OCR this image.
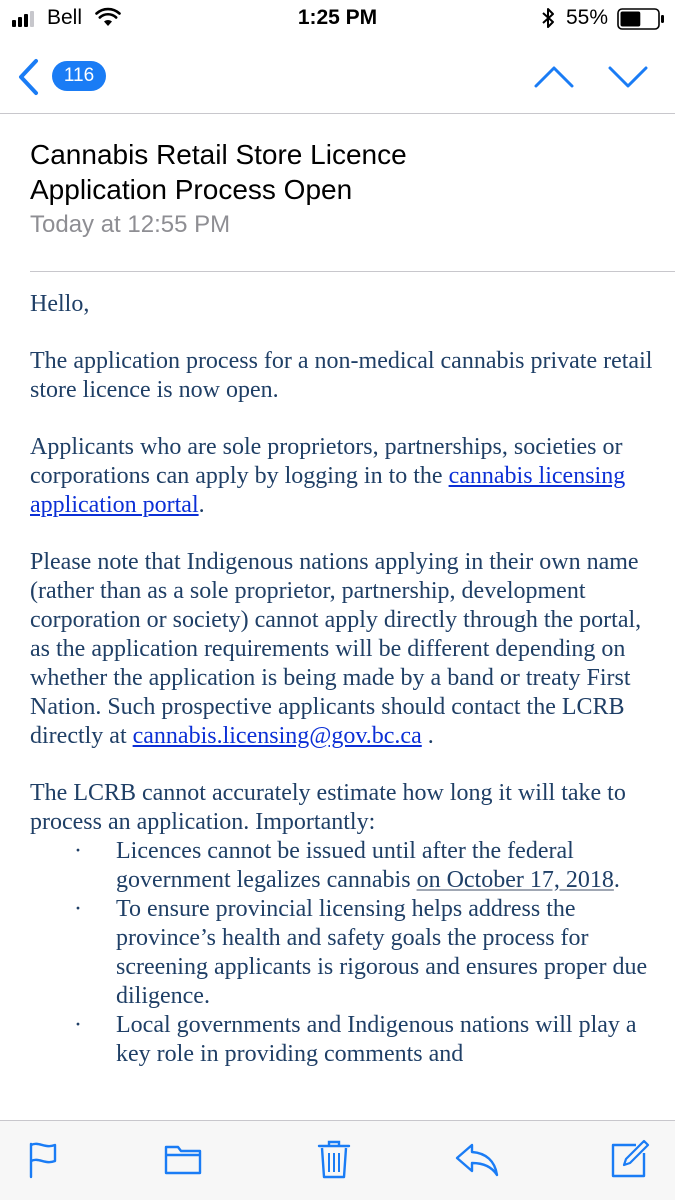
Bell	1:25 PM	55%
116
Cannabis Retail Store Licence
Application Process Open
Today at 12:55 PM

Hello,

The application process for a non-medical cannabis private retail store licence is now open.

Applicants who are sole proprietors, partnerships, societies or corporations can apply by logging in to the cannabis licensing application portal.

Please note that Indigenous nations applying in their own name (rather than as a sole proprietor, partnership, development corporation or society) cannot apply directly through the portal, as the application requirements will be different depending on whether the application is being made by a band or treaty First Nation. Such prospective applicants should contact the LCRB directly at cannabis.licensing@gov.bc.ca .

The LCRB cannot accurately estimate how long it will take to process an application. Importantly:

· Licences cannot be issued until after the federal government legalizes cannabis on October 17, 2018.
· To ensure provincial licensing helps address the province’s health and safety goals the process for screening applicants is rigorous and ensures proper due diligence.
· Local governments and Indigenous nations will play a key role in providing comments and
